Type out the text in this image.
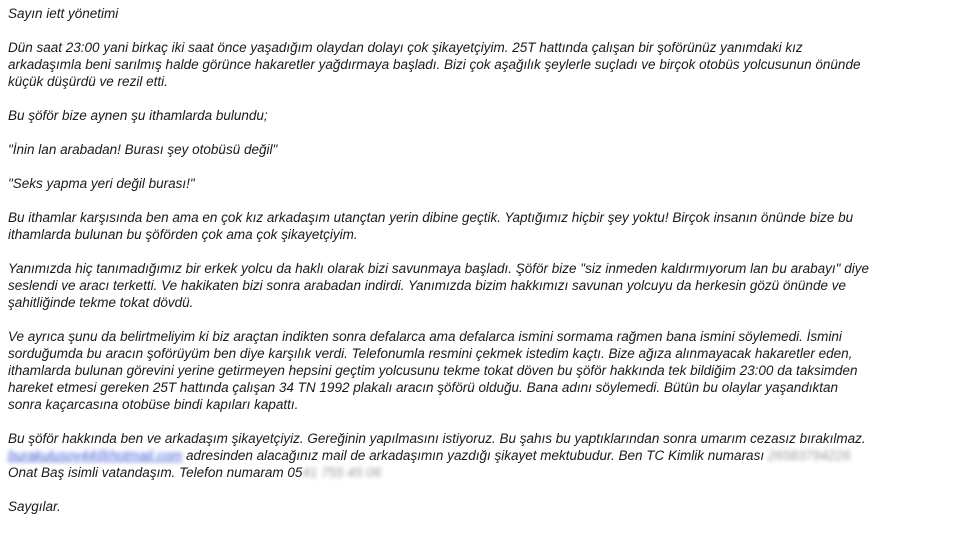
Sayın iett yönetimi

Dün saat 23:00 yani birkaç iki saat önce yaşadığım olaydan dolayı çok şikayetçiyim. 25T hattında çalışan bir şoförünüz yanımdaki kız
arkadaşımla beni sarılmış halde görünce hakaretler yağdırmaya başladı. Bizi çok aşağılık şeylerle suçladı ve birçok otobüs yolcusunun önünde
küçük düşürdü ve rezil etti.

Bu şöför bize aynen şu ithamlarda bulundu;

"İnin lan arabadan! Burası şey otobüsü değil"

"Seks yapma yeri değil burası!"

Bu ithamlar karşısında ben ama en çok kız arkadaşım utançtan yerin dibine geçtik. Yaptığımız hiçbir şey yoktu! Birçok insanın önünde bize bu
ithamlarda bulunan bu şöförden çok ama çok şikayetçiyim.

Yanımızda hiç tanımadığımız bir erkek yolcu da haklı olarak bizi savunmaya başladı. Şöför bize "siz inmeden kaldırmıyorum lan bu arabayı" diye
seslendi ve aracı terketti. Ve hakikaten bizi sonra arabadan indirdi. Yanımızda bizim hakkımızı savunan yolcuyu da herkesin gözü önünde ve
şahitliğinde tekme tokat dövdü.

Ve ayrıca şunu da belirtmeliyim ki biz araçtan indikten sonra defalarca ama defalarca ismini sormama rağmen bana ismini söylemedi. İsmini
sorduğumda bu aracın şoförüyüm ben diye karşılık verdi. Telefonumla resmini çekmek istedim kaçtı. Bize ağıza alınmayacak hakaretler eden,
ithamlarda bulunan görevini yerine getirmeyen hepsini geçtim yolcusunu tekme tokat döven bu şöför hakkında tek bildiğim 23:00 da taksimden
hareket etmesi gereken 25T hattında çalışan 34 TN 1992 plakalı aracın şöförü olduğu. Bana adını söylemedi. Bütün bu olaylar yaşandıktan
sonra kaçarcasına otobüse bindi kapıları kapattı.

Bu şöför hakkında ben ve arkadaşım şikayetçiyiz. Gereğinin yapılmasını istiyoruz. Bu şahıs bu yaptıklarından sonra umarım cezasız bırakılmaz.
burakulusoy44@hotmail.com adresinden alacağınız mail de arkadaşımın yazdığı şikayet mektubudur. Ben TC Kimlik numarası 26583794226
Onat Baş isimli vatandaşım. Telefon numaram 0541 755 45 06

Saygılar.
